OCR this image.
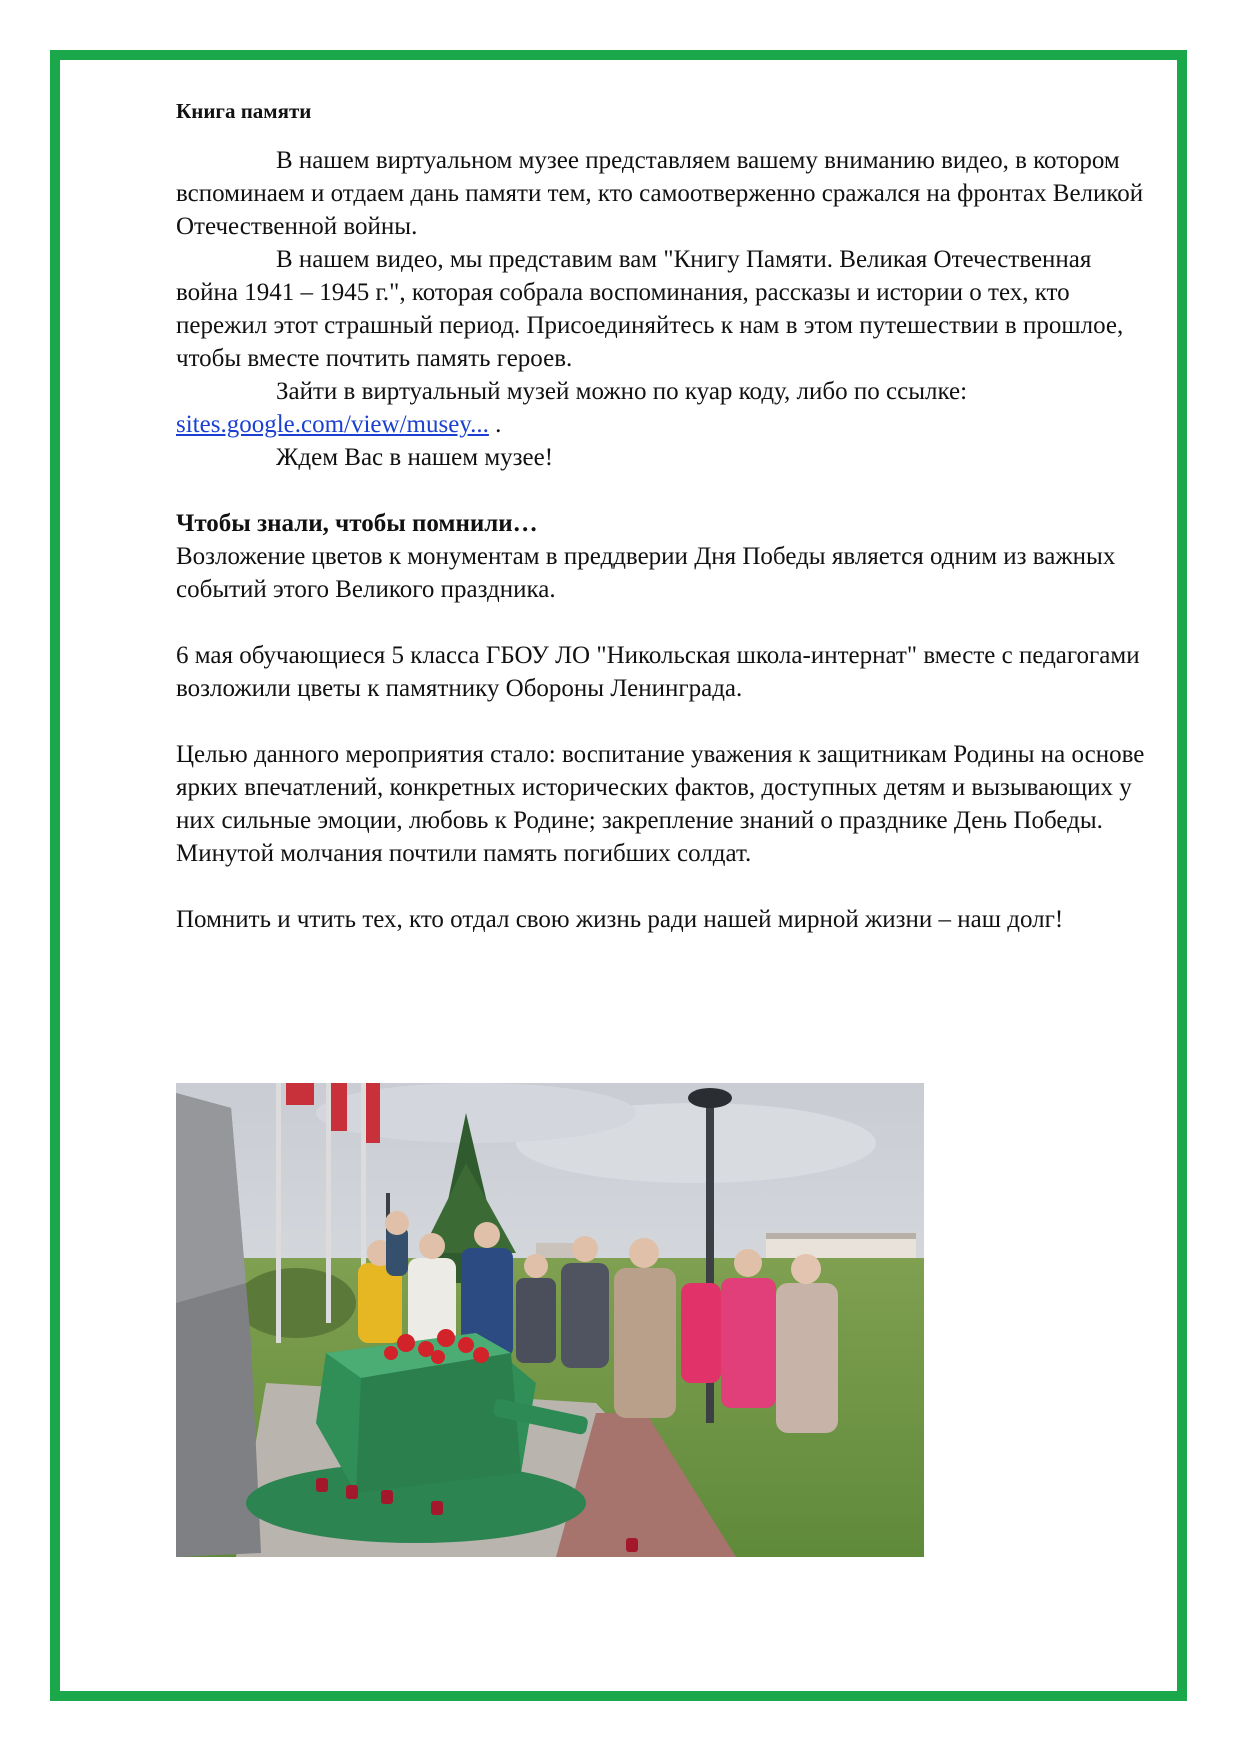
Книга памяти

В нашем виртуальном музее представляем вашему вниманию видео, в котором вспоминаем и отдаем дань памяти тем, кто самоотверженно сражался на фронтах Великой Отечественной войны.

В нашем видео, мы представим вам "Книгу Памяти. Великая Отечественная война 1941 – 1945 г.", которая собрала воспоминания, рассказы и истории о тех, кто пережил этот страшный период. Присоединяйтесь к нам в этом путешествии в прошлое, чтобы вместе почтить память героев.

Зайти в виртуальный музей можно по куар коду, либо по ссылке: sites.google.com/view/musey... .

Ждем Вас в нашем музее!

Чтобы знали, чтобы помнили…

Возложение цветов к монументам в преддверии Дня Победы является одним из важных событий этого Великого праздника.

6 мая обучающиеся 5 класса ГБОУ ЛО "Никольская школа-интернат" вместе с педагогами возложили цветы к памятнику Обороны Ленинграда.

Целью данного мероприятия стало: воспитание уважения к защитникам Родины на основе ярких впечатлений, конкретных исторических фактов, доступных детям и вызывающих у них сильные эмоции, любовь к Родине; закрепление знаний о празднике День Победы. Минутой молчания почтили память погибших солдат.

Помнить и чтить тех, кто отдал свою жизнь ради нашей мирной жизни – наш долг!
